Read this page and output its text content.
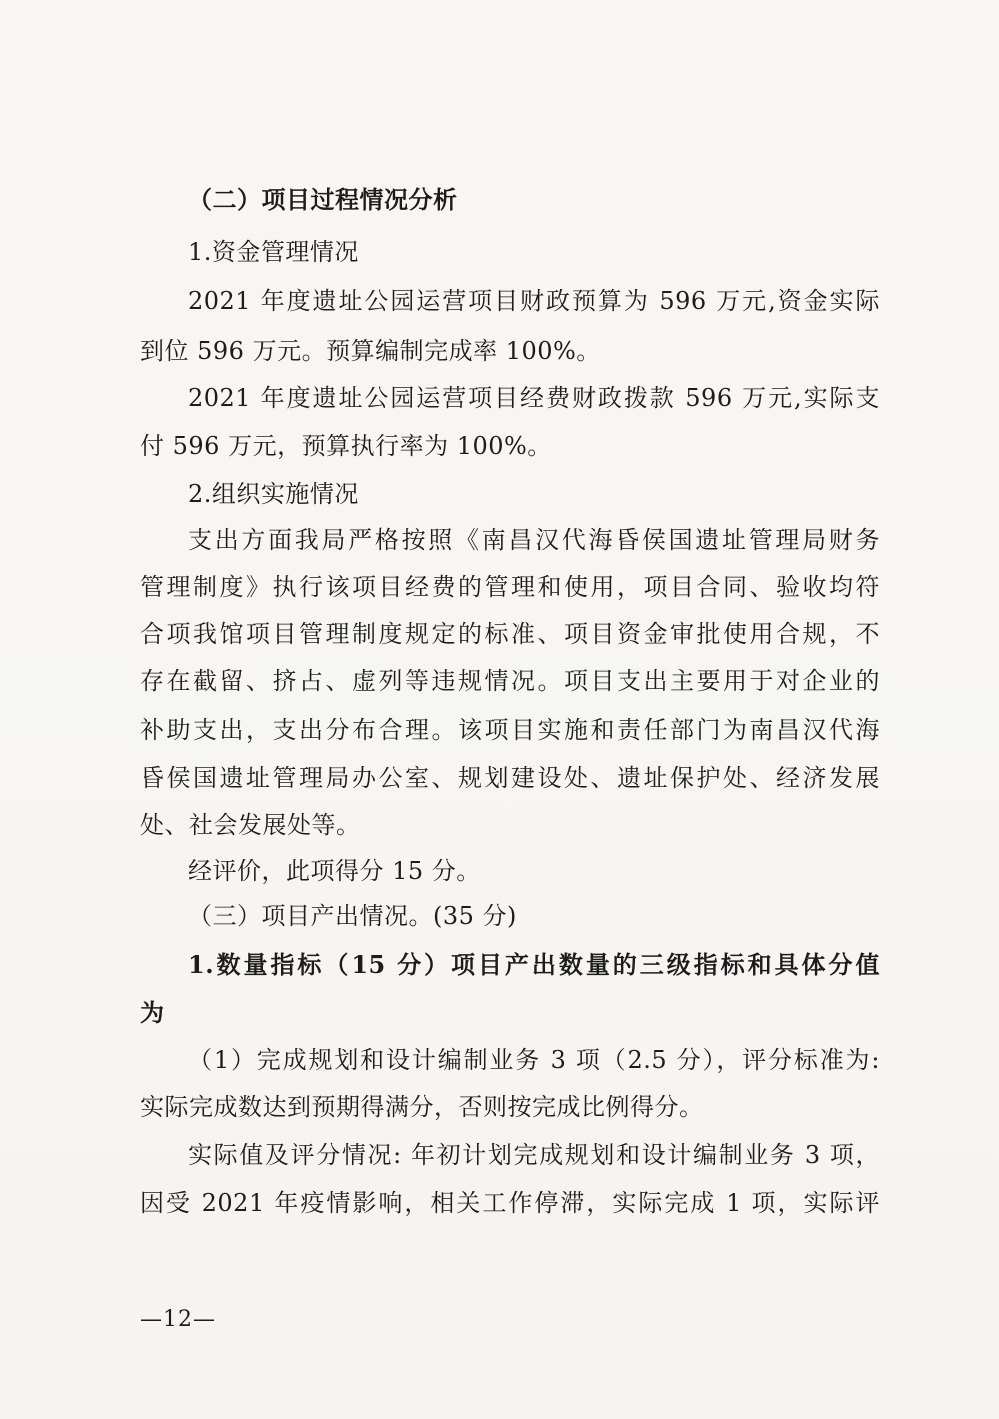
（二）项目过程情况分析
1.资金管理情况
2021 年度遗址公园运营项目财政预算为 596 万元,资金实际
到位 596 万元。预算编制完成率 100%。
2021 年度遗址公园运营项目经费财政拨款 596 万元,实际支
付 596 万元，预算执行率为 100%。
2.组织实施情况
支出方面我局严格按照《南昌汉代海昏侯国遗址管理局财务
管理制度》执行该项目经费的管理和使用，项目合同、验收均符
合项我馆项目管理制度规定的标准、项目资金审批使用合规，不
存在截留、挤占、虚列等违规情况。项目支出主要用于对企业的
补助支出，支出分布合理。该项目实施和责任部门为南昌汉代海
昏侯国遗址管理局办公室、规划建设处、遗址保护处、经济发展
处、社会发展处等。
经评价，此项得分 15 分。
（三）项目产出情况。(35 分)
1.数量指标（15 分）项目产出数量的三级指标和具体分值
为
（1）完成规划和设计编制业务 3 项（2.5 分），评分标准为:
实际完成数达到预期得满分，否则按完成比例得分。
实际值及评分情况: 年初计划完成规划和设计编制业务 3 项，
因受 2021 年疫情影响，相关工作停滞，实际完成 1 项，实际评
—12—
